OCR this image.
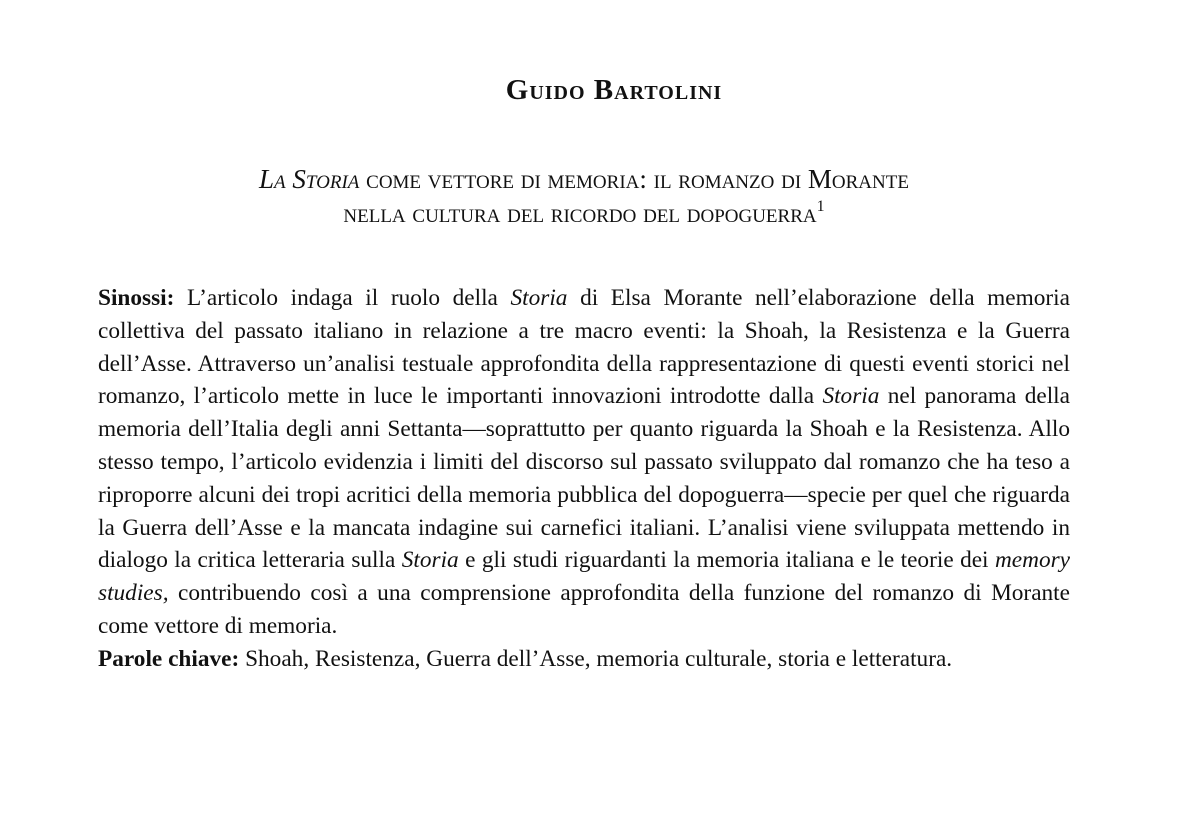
Guido Bartolini
La Storia come vettore di memoria: il romanzo di Morante
nella cultura del ricordo del dopoguerra$^1$

Sinossi: L’articolo indaga il ruolo della Storia di Elsa Morante nell’elaborazione della memoria collettiva del passato italiano in relazione a tre macro eventi: la Shoah, la Resistenza e la Guerra dell’Asse. Attraverso un’analisi testuale approfondita della rappresentazione di questi eventi storici nel romanzo, l’articolo mette in luce le importanti innovazioni introdotte dalla Storia nel panorama della memoria dell’Italia degli anni Settanta—soprattutto per quanto riguarda la Shoah e la Resistenza. Allo stesso tempo, l’articolo evidenzia i limiti del discorso sul passato sviluppato dal romanzo che ha teso a riproporre alcuni dei tropi acritici della memoria pubblica del dopoguerra—specie per quel che riguarda la Guerra dell’Asse e la mancata indagine sui carnefici italiani. L’analisi viene sviluppata mettendo in dialogo la critica letteraria sulla Storia e gli studi riguardanti la memoria italiana e le teorie dei memory studies, contribuendo così a una comprensione approfondita della funzione del romanzo di Morante come vettore di memoria.

Parole chiave: Shoah, Resistenza, Guerra dell’Asse, memoria culturale, storia e letteratura.
